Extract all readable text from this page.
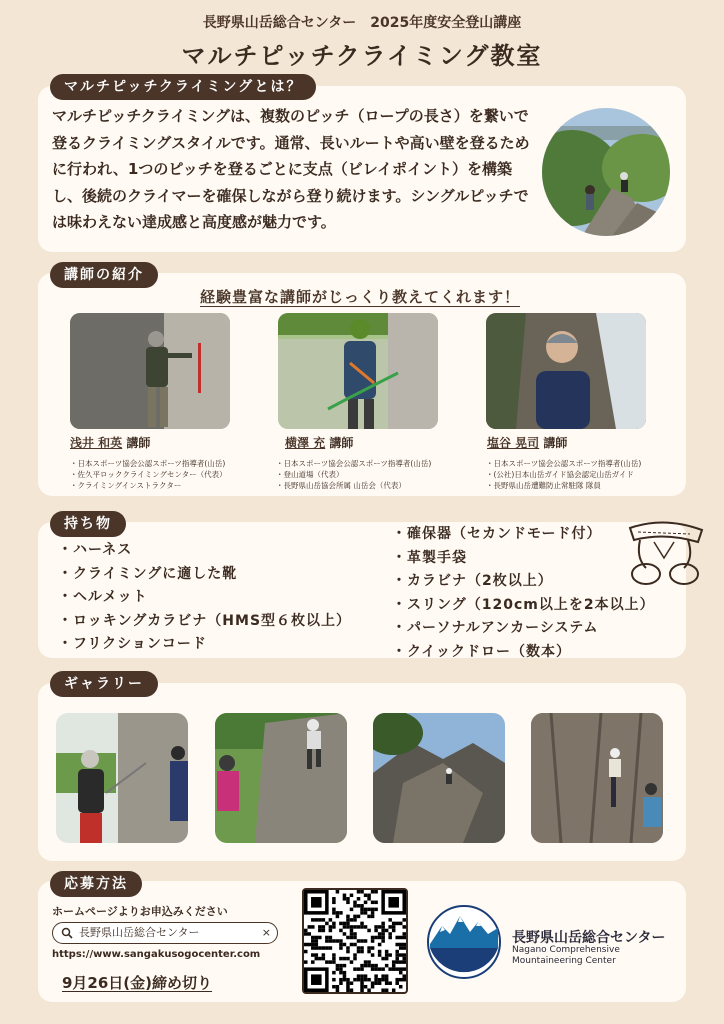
長野県山岳総合センター　2025年度安全登山講座
マルチピッチクライミング教室
マルチピッチクライミングとは？
マルチピッチクライミングは、複数のピッチ（ロープの長さ）を繋いで登るクライミングスタイルです。通常、長いルートや高い壁を登るために行われ、1つのピッチを登るごとに支点（ビレイポイント）を構築し、後続のクライマーを確保しながら登り続けます。シングルピッチでは味わえない達成感と高度感が魅力です。
講師の紹介
経験豊富な講師がじっくり教えてくれます！
浅井 和英 講師	横澤 充 講師	塩谷 晃司 講師
・日本スポーツ協会公認スポーツ指導者(山岳)
・佐久平ロッククライミングセンター（代表）
・クライミングインストラクター
・日本スポーツ協会公認スポーツ指導者(山岳)
・登山道場（代表）
・長野県山岳協会所属 山岳会（代表）
・日本スポーツ協会公認スポーツ指導者(山岳)
・(公社)日本山岳ガイド協会認定山岳ガイド
・長野県山岳遭難防止常駐隊 隊員
持ち物
・ハーネス
・クライミングに適した靴
・ヘルメット
・ロッキングカラビナ（HMS型６枚以上）
・フリクションコード
・確保器（セカンドモード付）
・革製手袋
・カラビナ（2枚以上）
・スリング（120cm以上を2本以上）
・パーソナルアンカーシステム
・クイックドロー（数本）
ギャラリー
応募方法
ホームページよりお申込みください
長野県山岳総合センター	×
https://www.sangakusogocenter.com
9月26日(金)締め切り
長野県山岳総合センター
Nagano Comprehensive
Mountaineering Center
